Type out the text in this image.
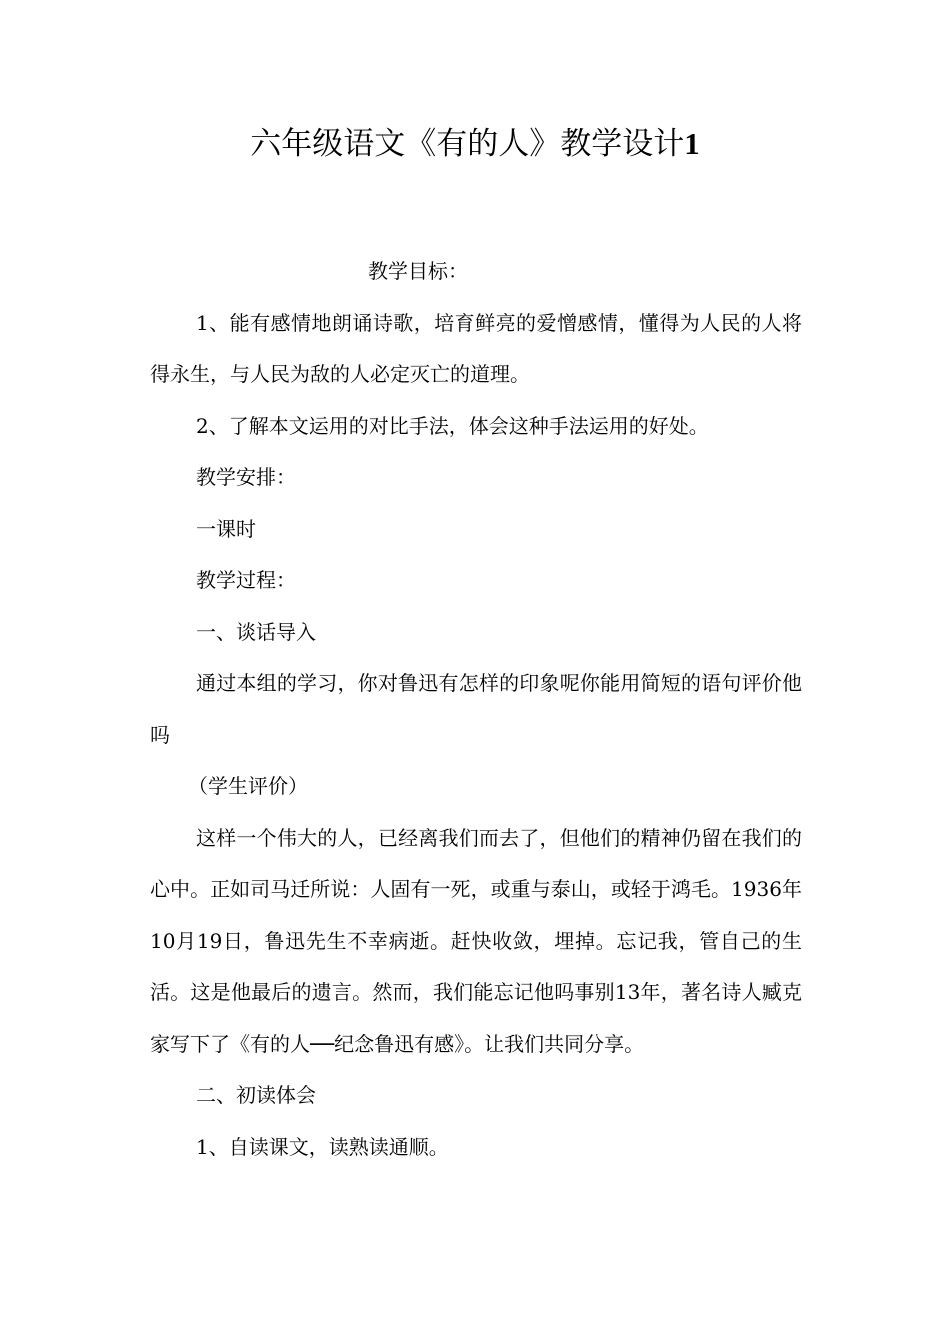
六年级语文《有的人》教学设计1

教学目标：

1、能有感情地朗诵诗歌，培育鲜亮的爱憎感情，懂得为人民的人将得永生，与人民为敌的人必定灭亡的道理。

2、了解本文运用的对比手法，体会这种手法运用的好处。

教学安排：

一课时

教学过程：

一、谈话导入

通过本组的学习，你对鲁迅有怎样的印象呢你能用简短的语句评价他吗

（学生评价）

这样一个伟大的人，已经离我们而去了，但他们的精神仍留在我们的心中。正如司马迁所说：人固有一死，或重与泰山，或轻于鸿毛。1936年10月19日，鲁迅先生不幸病逝。赶快收敛，埋掉。忘记我，管自己的生活。这是他最后的遗言。然而，我们能忘记他吗事别13年，著名诗人臧克家写下了《有的人──纪念鲁迅有感》。让我们共同分享。

二、初读体会

1、自读课文，读熟读通顺。
